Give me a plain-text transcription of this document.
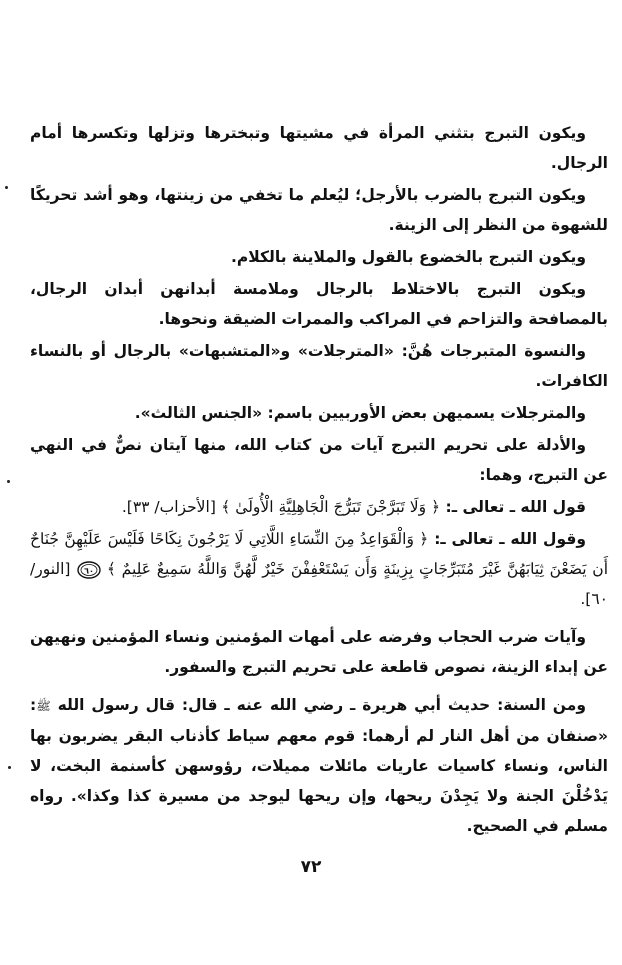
ويكون التبرج بتثني المرأة في مشيتها وتبخترها وتزلها وتكسرها أمام الرجال.

ويكون التبرج بالضرب بالأرجل؛ ليُعلم ما تخفي من زينتها، وهو أشد تحريكًا للشهوة من النظر إلى الزينة.

ويكون التبرج بالخضوع بالقول والملاينة بالكلام.

ويكون التبرج بالاختلاط بالرجال وملامسة أبدانهن أبدان الرجال، بالمصافحة والتزاحم في المراكب والممرات الضيقة ونحوها.

والنسوة المتبرجات هُنَّ: «المترجلات» و«المتشبهات» بالرجال أو بالنساء الكافرات.

والمترجلات يسميهن بعض الأوربيين باسم: «الجنس الثالث».

والأدلة على تحريم التبرج آيات من كتاب الله، منها آيتان نصٌّ في النهي عن التبرج، وهما:

قول الله ـ تعالى ـ: ﴿ وَلَا تَبَرَّجْنَ تَبَرُّجَ الْجَاهِلِيَّةِ الْأُولَىٰ ﴾ [الأحزاب/ ٣٣].

وقول الله ـ تعالى ـ: ﴿ وَالْقَوَاعِدُ مِنَ النِّسَاءِ اللَّاتِي لَا يَرْجُونَ نِكَاحًا فَلَيْسَ عَلَيْهِنَّ جُنَاحٌ أَن يَضَعْنَ ثِيَابَهُنَّ غَيْرَ مُتَبَرِّجَاتٍ بِزِينَةٍ وَأَن يَسْتَعْفِفْنَ خَيْرٌ لَّهُنَّ وَاللَّهُ سَمِيعٌ عَلِيمٌ ﴾
٦٠
[النور/ ٦٠].

وآيات ضرب الحجاب وفرضه على أمهات المؤمنين ونساء المؤمنين ونهيهن عن إبداء الزينة، نصوص قاطعة على تحريم التبرج والسفور.

ومن السنة: حديث أبي هريرة ـ رضي الله عنه ـ قال: قال رسول الله ﷺ: «صنفان من أهل النار لم أرهما: قوم معهم سياط كأذناب البقر يضربون بها الناس، ونساء كاسيات عاريات مائلات مميلات، رؤوسهن كأسنمة البخت، لا يَدْخُلْنَ الجنة ولا يَجِدْنَ ريحها، وإن ريحها ليوجد من مسيرة كذا وكذا». رواه مسلم في الصحيح.

٧٢
